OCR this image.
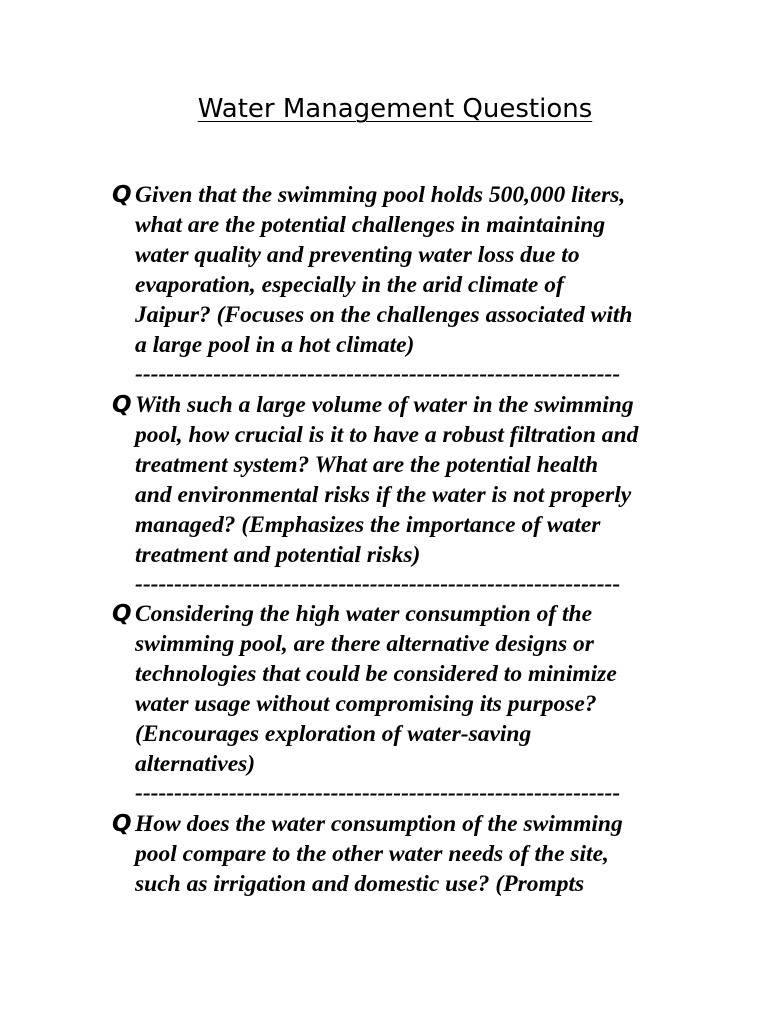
Water Management Questions
Q Given that the swimming pool holds 500,000 liters,
what are the potential challenges in maintaining
water quality and preventing water loss due to
evaporation, especially in the arid climate of
Jaipur? (Focuses on the challenges associated with
a large pool in a hot climate)
--------------------------------------------------------------
Q With such a large volume of water in the swimming
pool, how crucial is it to have a robust filtration and
treatment system? What are the potential health
and environmental risks if the water is not properly
managed? (Emphasizes the importance of water
treatment and potential risks)
--------------------------------------------------------------
Q Considering the high water consumption of the
swimming pool, are there alternative designs or
technologies that could be considered to minimize
water usage without compromising its purpose?
(Encourages exploration of water-saving
alternatives)
--------------------------------------------------------------
Q How does the water consumption of the swimming
pool compare to the other water needs of the site,
such as irrigation and domestic use? (Prompts
